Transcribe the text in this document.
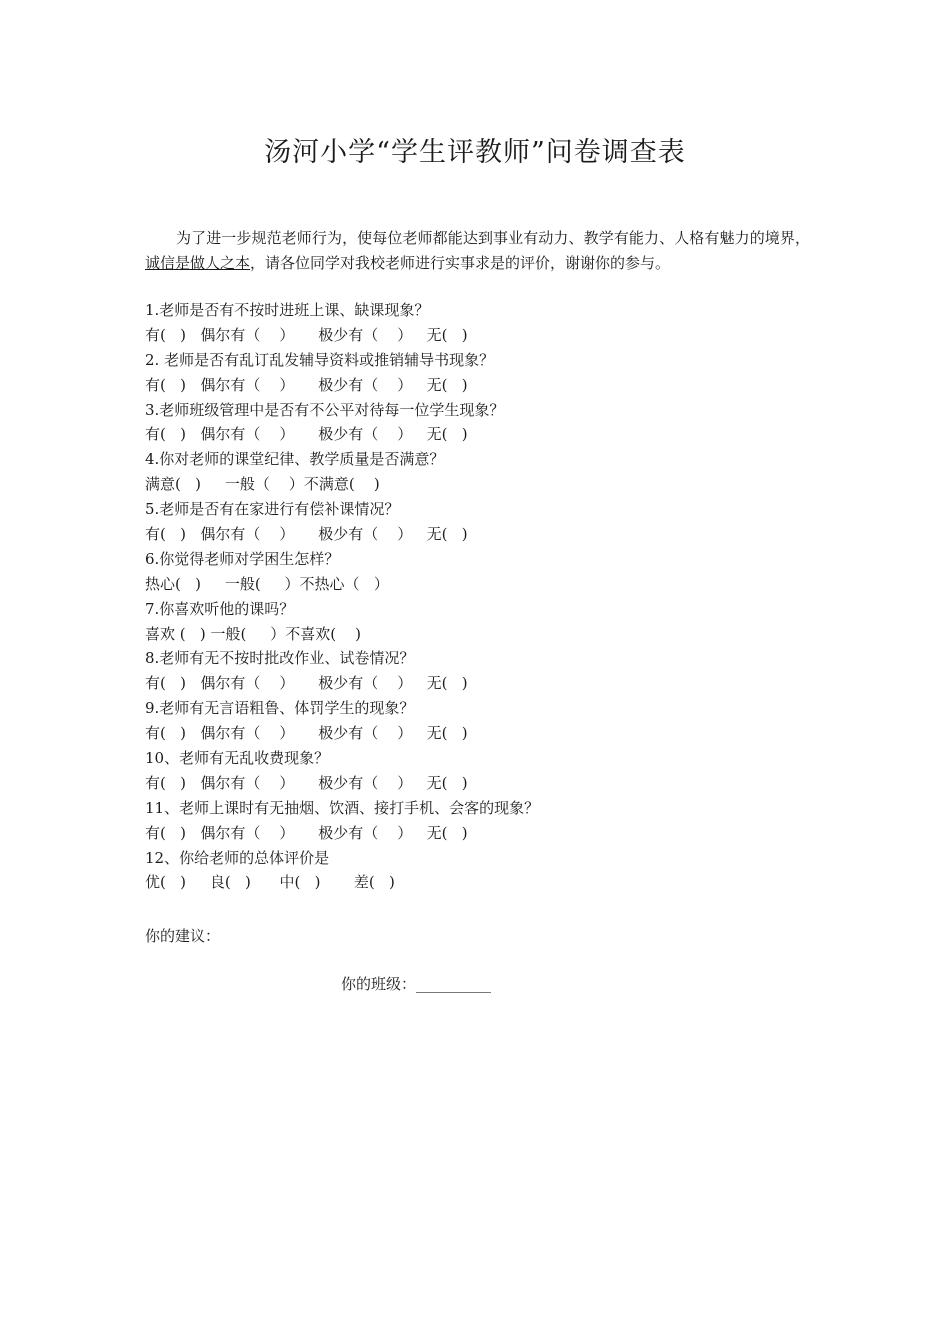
汤河小学“学生评教师”问卷调查表
为了进一步规范老师行为，使每位老师都能达到事业有动力、教学有能力、人格有魅力的境界，诚信是做人之本，请各位同学对我校老师进行实事求是的评价，谢谢你的参与。
1.老师是否有不按时进班上课、缺课现象？
有(   )   偶尔有（    ）     极少有（    ）   无(   )
2. 老师是否有乱订乱发辅导资料或推销辅导书现象？
有(   )   偶尔有（    ）     极少有（    ）   无(   )
3.老师班级管理中是否有不公平对待每一位学生现象？
有(   )   偶尔有（    ）     极少有（    ）   无(   )
4.你对老师的课堂纪律、教学质量是否满意？
满意(   )     一般（    ）不满意(    )
5.老师是否有在家进行有偿补课情况？
有(   )   偶尔有（    ）     极少有（    ）   无(   )
6.你觉得老师对学困生怎样？
热心(   )     一般(     ）不热心（   ）
7.你喜欢听他的课吗？
喜欢 (   ) 一般(     ）不喜欢(    )
8.老师有无不按时批改作业、试卷情况？
有(   )   偶尔有（    ）     极少有（    ）   无(   )
9.老师有无言语粗鲁、体罚学生的现象？
有(   )   偶尔有（    ）     极少有（    ）   无(   )
10、老师有无乱收费现象？
有(   )   偶尔有（    ）     极少有（    ）   无(   )
11、老师上课时有无抽烟、饮酒、接打手机、会客的现象？
有(   )   偶尔有（    ）     极少有（    ）   无(   )
12、你给老师的总体评价是
优(   )     良(   )      中(   )       差(   )
你的建议：
你的班级：__________
